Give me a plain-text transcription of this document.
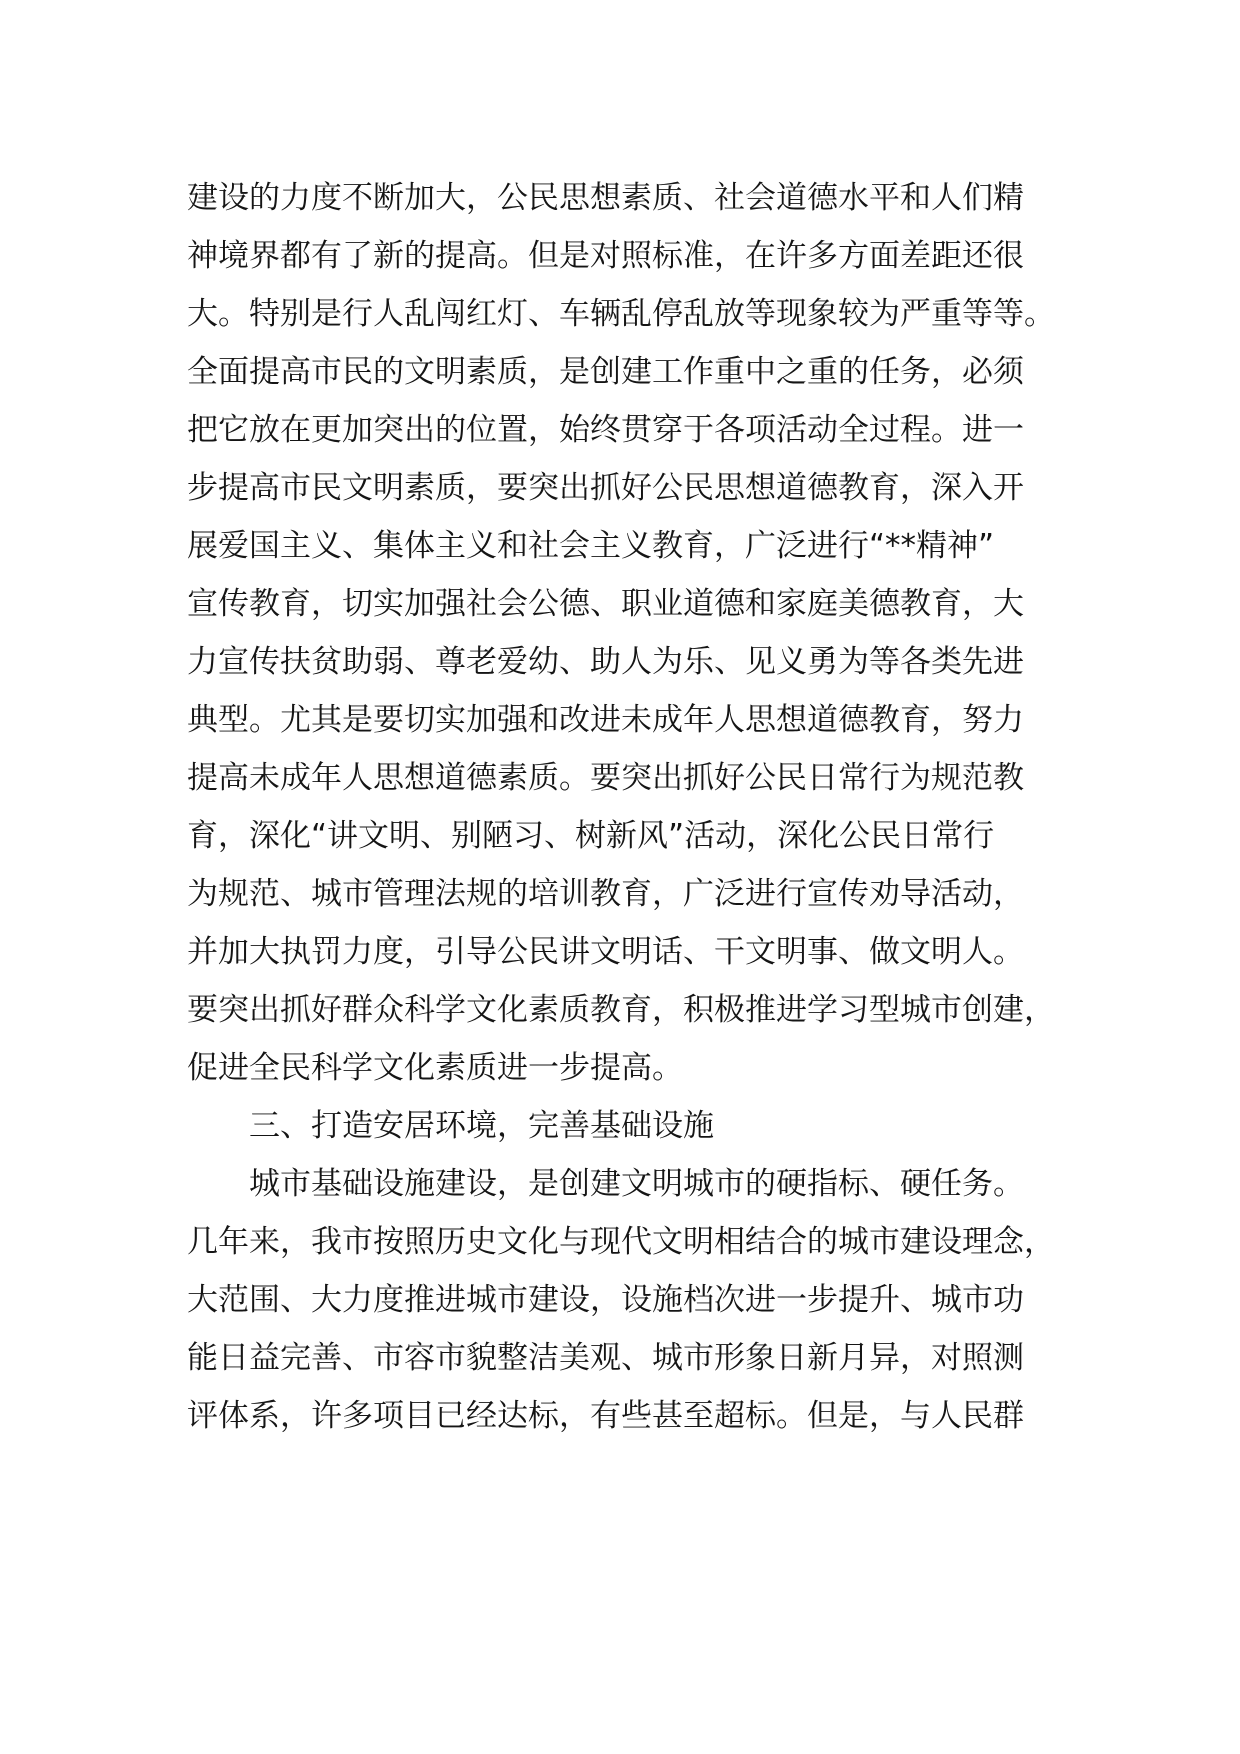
建设的力度不断加大，公民思想素质、社会道德水平和人们精

神境界都有了新的提高。但是对照标准，在许多方面差距还很

大。特别是行人乱闯红灯、车辆乱停乱放等现象较为严重等等。

全面提高市民的文明素质，是创建工作重中之重的任务，必须

把它放在更加突出的位置，始终贯穿于各项活动全过程。进一

步提高市民文明素质，要突出抓好公民思想道德教育，深入开

展爱国主义、集体主义和社会主义教育，广泛进行“**精神”

宣传教育，切实加强社会公德、职业道德和家庭美德教育，大

力宣传扶贫助弱、尊老爱幼、助人为乐、见义勇为等各类先进

典型。尤其是要切实加强和改进未成年人思想道德教育，努力

提高未成年人思想道德素质。要突出抓好公民日常行为规范教

育，深化“讲文明、别陋习、树新风”活动，深化公民日常行

为规范、城市管理法规的培训教育，广泛进行宣传劝导活动，

并加大执罚力度，引导公民讲文明话、干文明事、做文明人。

要突出抓好群众科学文化素质教育，积极推进学习型城市创建，

促进全民科学文化素质进一步提高。

三、打造安居环境，完善基础设施

城市基础设施建设，是创建文明城市的硬指标、硬任务。

几年来，我市按照历史文化与现代文明相结合的城市建设理念，

大范围、大力度推进城市建设，设施档次进一步提升、城市功

能日益完善、市容市貌整洁美观、城市形象日新月异，对照测

评体系，许多项目已经达标，有些甚至超标。但是，与人民群
